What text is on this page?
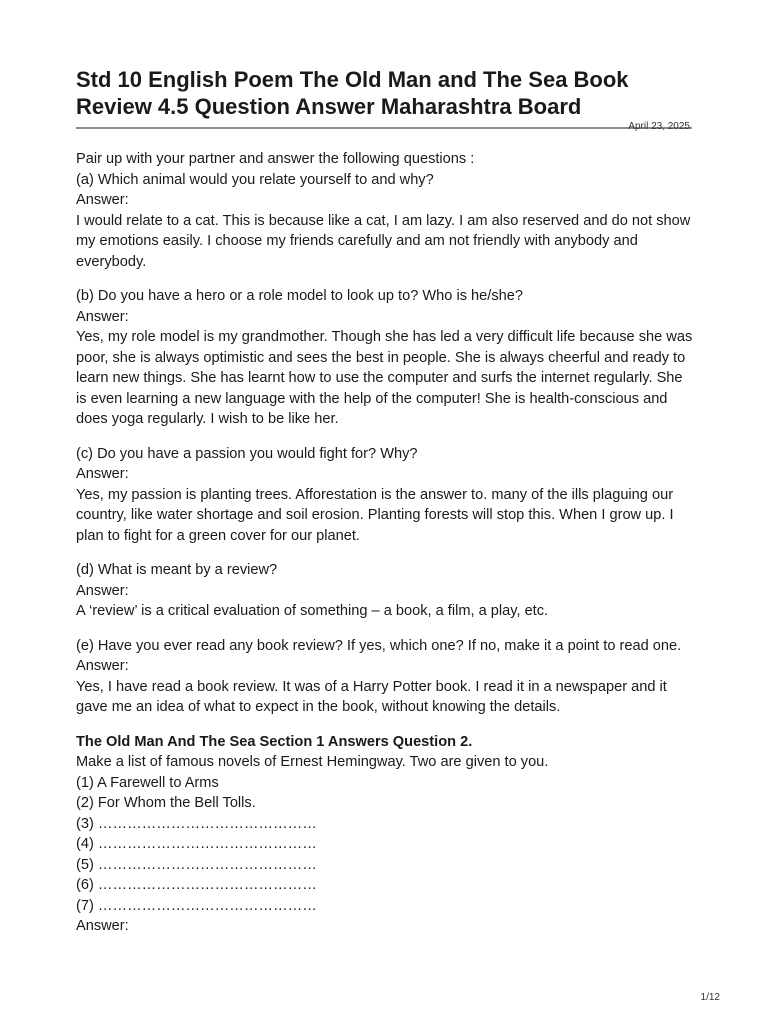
Std 10 English Poem The Old Man and The Sea Book Review 4.5 Question Answer Maharashtra Board
April 23, 2025

Pair up with your partner and answer the following questions :

(a) Which animal would you relate yourself to and why?

Answer:

I would relate to a cat. This is because like a cat, I am lazy. I am also reserved and do not show my emotions easily. I choose my friends carefully and am not friendly with anybody and everybody.

(b) Do you have a hero or a role model to look up to? Who is he/she?

Answer:

Yes, my role model is my grandmother. Though she has led a very difficult life because she was poor, she is always optimistic and sees the best in people. She is always cheerful and ready to learn new things. She has learnt how to use the computer and surfs the internet regularly. She is even learning a new language with the help of the computer! She is health-conscious and does yoga regularly. I wish to be like her.

(c) Do you have a passion you would fight for? Why?

Answer:

Yes, my passion is planting trees. Afforestation is the answer to. many of the ills plaguing our country, like water shortage and soil erosion. Planting forests will stop this. When I grow up. I plan to fight for a green cover for our planet.

(d) What is meant by a review?

Answer:

A ‘review’ is a critical evaluation of something – a book, a film, a play, etc.

(e) Have you ever read any book review? If yes, which one? If no, make it a point to read one.

Answer:

Yes, I have read a book review. It was of a Harry Potter book. I read it in a newspaper and it gave me an idea of what to expect in the book, without knowing the details.

The Old Man And The Sea Section 1 Answers Question 2.

Make a list of famous novels of Ernest Hemingway. Two are given to you.

(1) A Farewell to Arms

(2) For Whom the Bell Tolls.

(3) ………………………………………

(4) ………………………………………

(5) ………………………………………

(6) ………………………………………

(7) ………………………………………

Answer:

1/12
